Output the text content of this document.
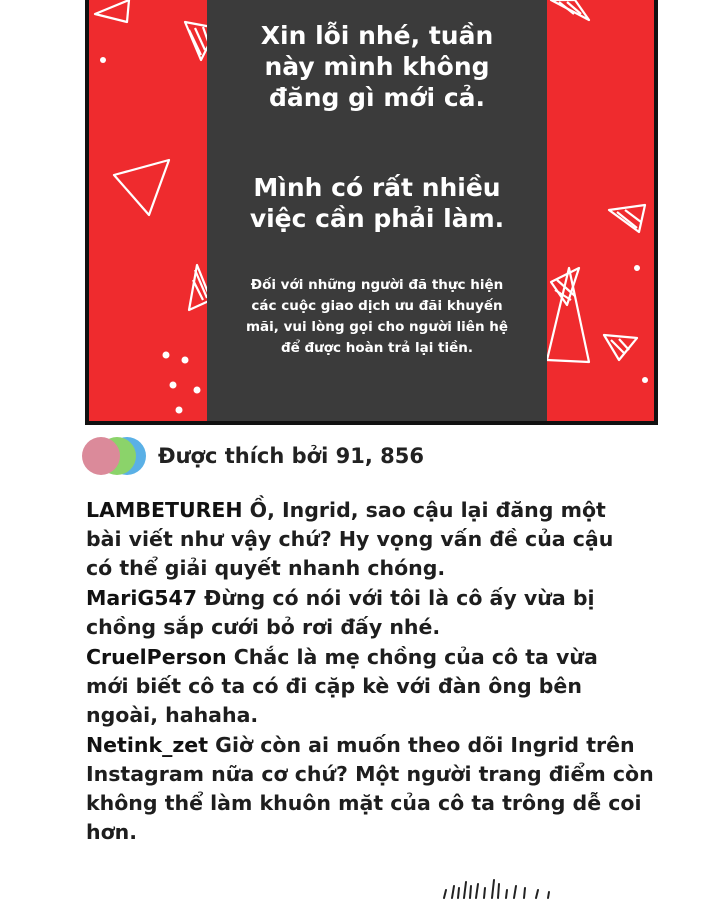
Xin lỗi nhé, tuần
này mình không
đăng gì mới cả.
Mình có rất nhiều
việc cần phải làm.
Đối với những người đã thực hiện
các cuộc giao dịch ưu đãi khuyến
mãi, vui lòng gọi cho người liên hệ
để được hoàn trả lại tiền.
Được thích bởi 91, 856
LAMBETUREH Ồ, Ingrid, sao cậu lại đăng một
bài viết như vậy chứ? Hy vọng vấn đề của cậu
có thể giải quyết nhanh chóng.
MariG547 Đừng có nói với tôi là cô ấy vừa bị
chồng sắp cưới bỏ rơi đấy nhé.
CruelPerson Chắc là mẹ chồng của cô ta vừa
mới biết cô ta có đi cặp kè với đàn ông bên
ngoài, hahaha.
Netink_zet Giờ còn ai muốn theo dõi Ingrid trên
Instagram nữa cơ chứ? Một người trang điểm còn
không thể làm khuôn mặt của cô ta trông dễ coi
hơn.
